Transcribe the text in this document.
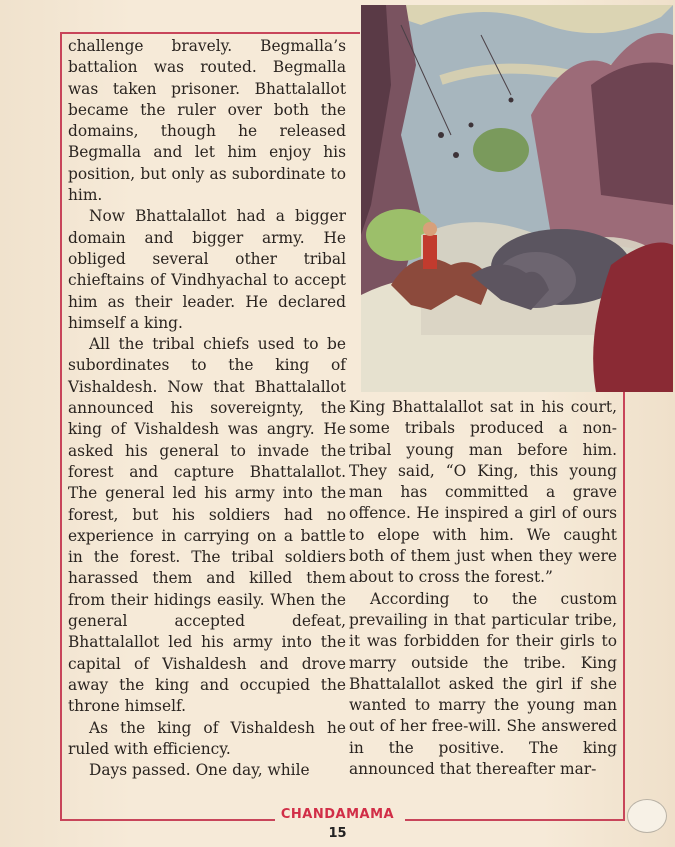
challenge bravely. Begmalla’s battalion was routed. Begmalla was taken prisoner. Bhattalallot became the ruler over both the domains, though he released Begmalla and let him enjoy his position, but only as subordinate to him.

Now Bhattalallot had a bigger domain and bigger army. He obliged several other tribal chieftains of Vindhyachal to accept him as their leader. He declared himself a king.

All the tribal chiefs used to be subordinates to the king of Vishaldesh. Now that Bhattalallot announced his sovereignty, the king of Vishaldesh was angry. He asked his general to invade the forest and capture Bhattalallot. The general led his army into the forest, but his soldiers had no experience in carrying on a battle in the forest. The tribal soldiers harassed them and killed them from their hidings easily. When the general accepted defeat, Bhattalallot led his army into the capital of Vishaldesh and drove away the king and occupied the throne himself.

As the king of Vishaldesh he ruled with efficiency.

Days passed. One day, while

King Bhattalallot sat in his court, some tribals produced a non-tribal young man before him. They said, “O King, this young man has committed a grave offence. He inspired a girl of ours to elope with him. We caught both of them just when they were about to cross the forest.”

According to the custom prevailing in that particular tribe, it was forbidden for their girls to marry outside the tribe. King Bhattalallot asked the girl if she wanted to marry the young man out of her free-will. She answered in the positive. The king announced that thereafter mar-

CHANDAMAMA
15
